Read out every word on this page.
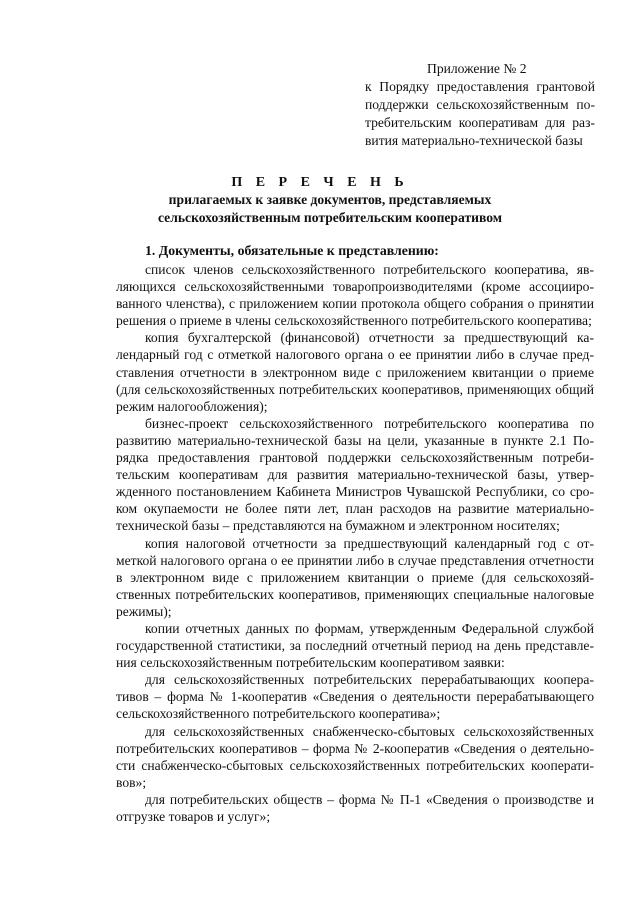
Приложение № 2
к Порядку предоставления грантовой поддержки сельскохозяйственным потребительским кооперативам для развития материально-технической базы
П Е Р Е Ч Е Н Ь
прилагаемых к заявке документов, представляемых сельскохозяйственным потребительским кооперативом
1. Документы, обязательные к представлению:

список членов сельскохозяйственного потребительского кооператива, являющихся сельскохозяйственными товаропроизводителями (кроме ассоциированного членства), с приложением копии протокола общего собрания о принятии решения о приеме в члены сельскохозяйственного потребительского кооператива;

копия бухгалтерской (финансовой) отчетности за предшествующий календарный год с отметкой налогового органа о ее принятии либо в случае представления отчетности в электронном виде с приложением квитанции о приеме (для сельскохозяйственных потребительских кооперативов, применяющих общий режим налогообложения);

бизнес-проект сельскохозяйственного потребительского кооператива по развитию материально-технической базы на цели, указанные в пункте 2.1 Порядка предоставления грантовой поддержки сельскохозяйственным потребительским кооперативам для развития материально-технической базы, утвержденного постановлением Кабинета Министров Чувашской Республики, со сроком окупаемости не более пяти лет, план расходов на развитие материально-технической базы – представляются на бумажном и электронном носителях;

копия налоговой отчетности за предшествующий календарный год с отметкой налогового органа о ее принятии либо в случае представления отчетности в электронном виде с приложением квитанции о приеме (для сельскохозяйственных потребительских кооперативов, применяющих специальные налоговые режимы);

копии отчетных данных по формам, утвержденным Федеральной службой государственной статистики, за последний отчетный период на день представления сельскохозяйственным потребительским кооперативом заявки:

для сельскохозяйственных потребительских перерабатывающих кооперативов – форма № 1-кооператив «Сведения о деятельности перерабатывающего сельскохозяйственного потребительского кооператива»;

для сельскохозяйственных снабженческо-сбытовых сельскохозяйственных потребительских кооперативов – форма № 2-кооператив «Сведения о деятельности снабженческо-сбытовых сельскохозяйственных потребительских кооперативов»;

для потребительских обществ – форма № П-1 «Сведения о производстве и отгрузке товаров и услуг»;
